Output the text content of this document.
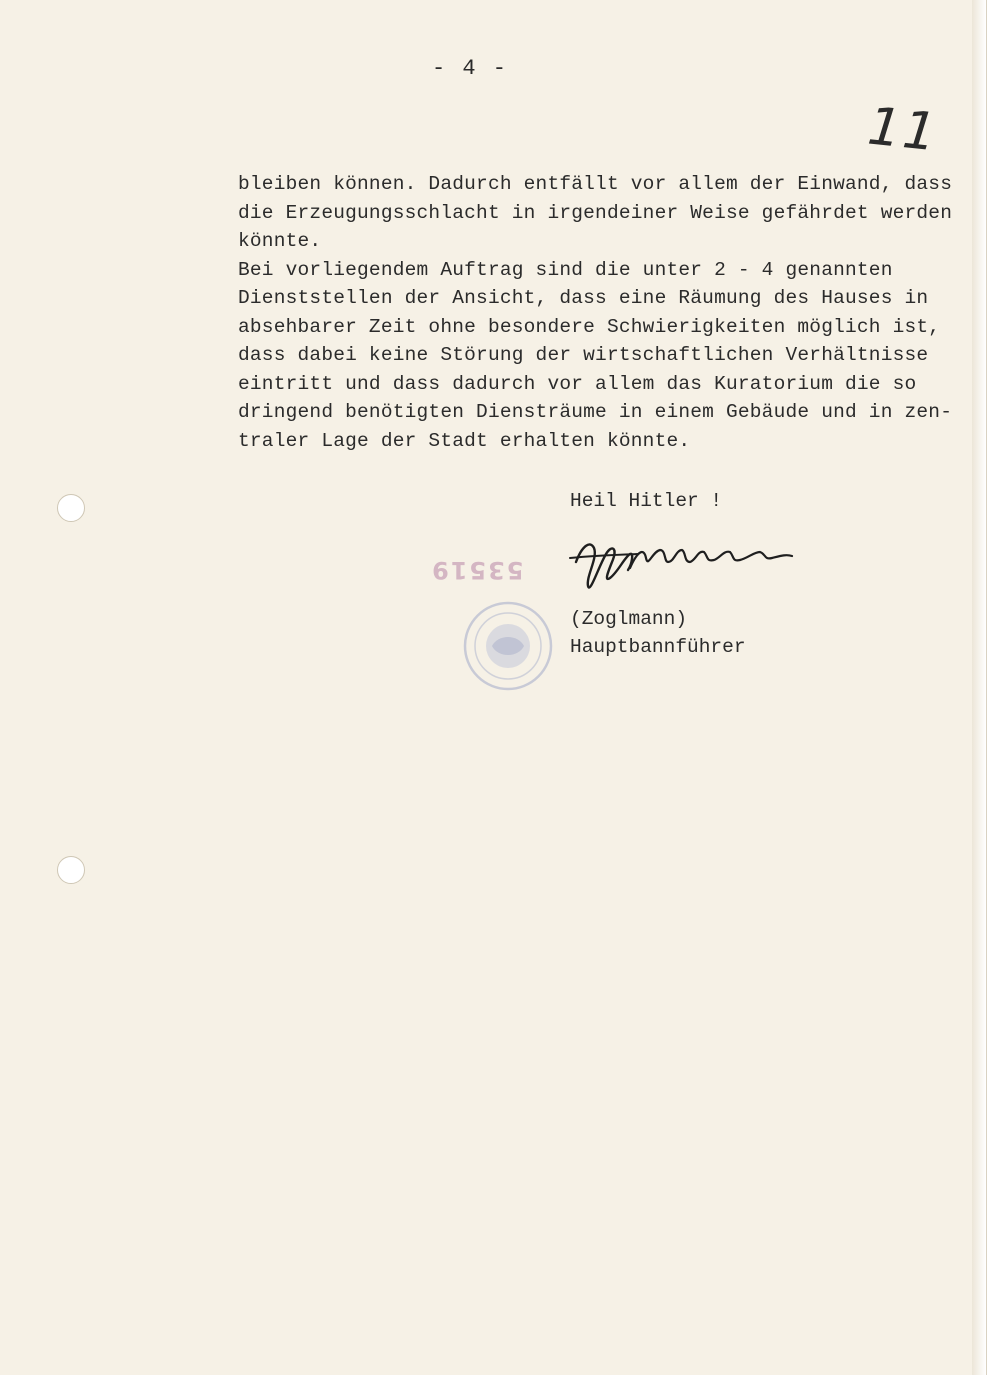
- 4 -
11
bleiben können. Dadurch entfällt vor allem der Einwand, dass
die Erzeugungsschlacht in irgendeiner Weise gefährdet werden
könnte.
Bei vorliegendem Auftrag sind die unter 2 - 4 genannten
Dienststellen der Ansicht, dass eine Räumung des Hauses in
absehbarer Zeit ohne besondere Schwierigkeiten möglich ist,
dass dabei keine Störung der wirtschaftlichen Verhältnisse
eintritt und dass dadurch vor allem das Kuratorium die so
dringend benötigten Diensträume in einem Gebäude und in zen-
traler Lage der Stadt erhalten könnte.
Heil Hitler !
(Zoglmann)
Hauptbannführer
53519
